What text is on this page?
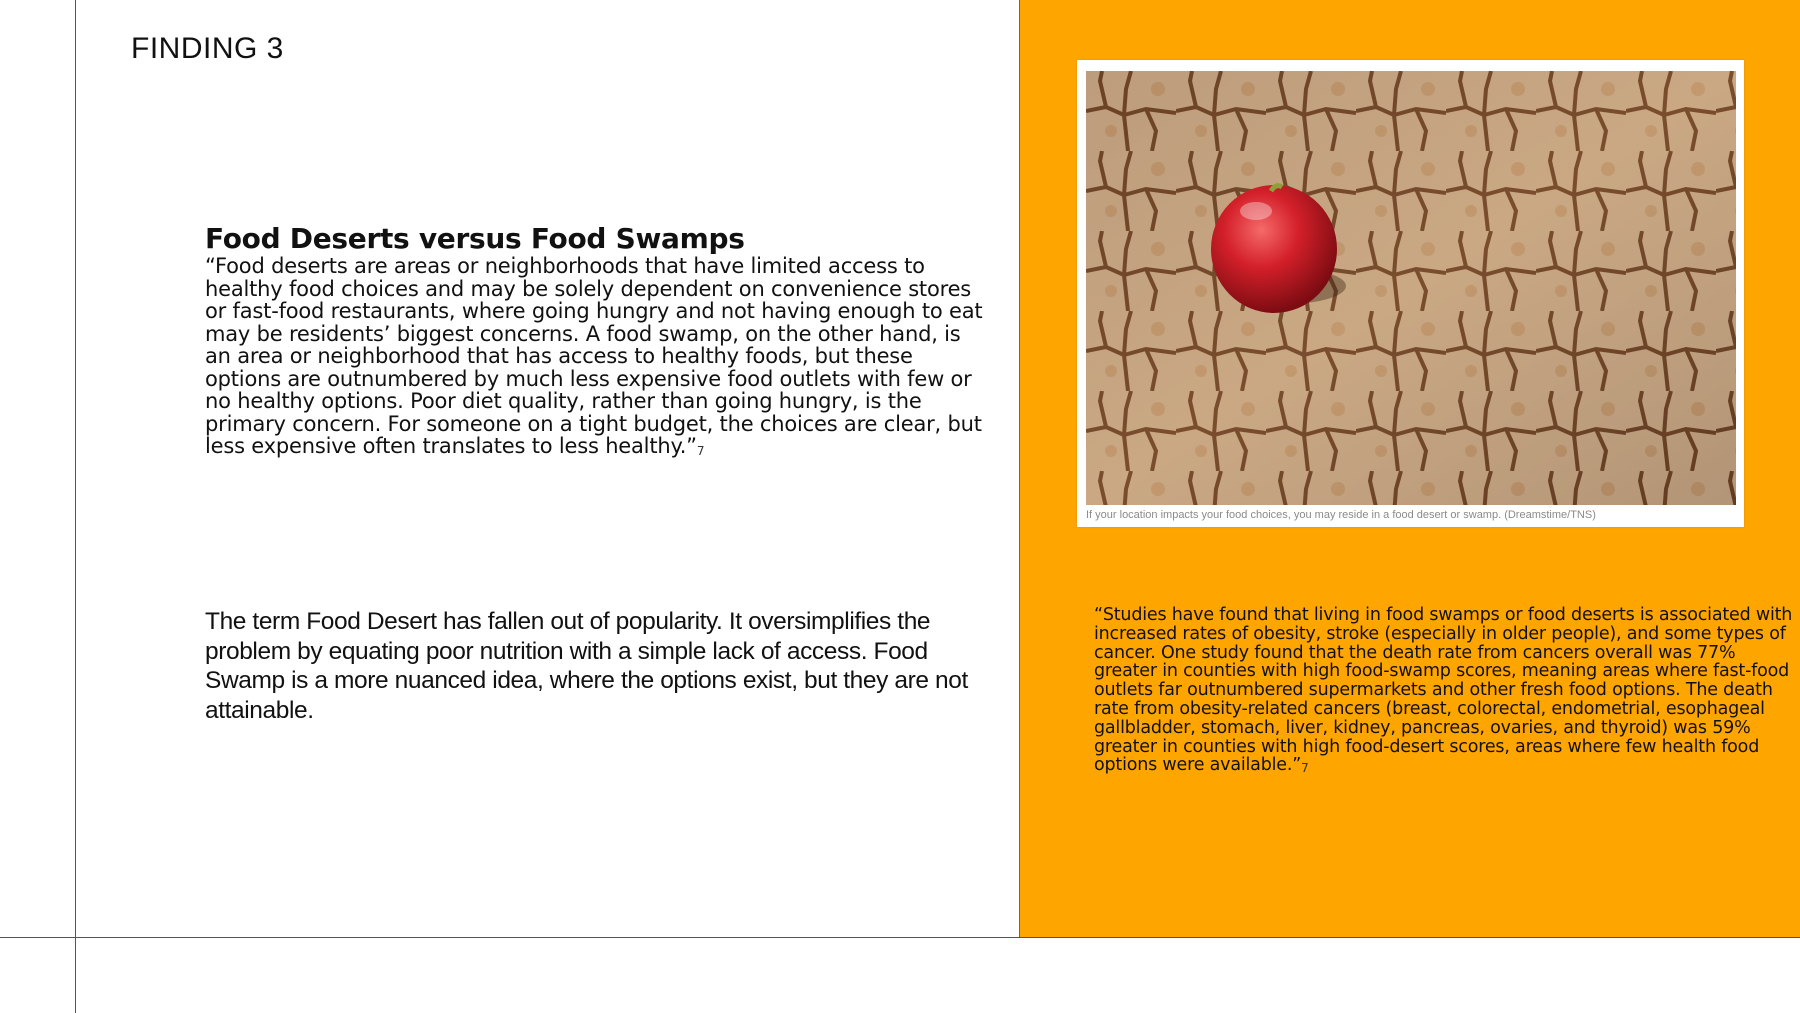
FINDING 3
Food Deserts versus Food Swamps
“Food deserts are areas or neighborhoods that have limited access to healthy food choices and may be solely dependent on convenience stores or fast-food restaurants, where going hungry and not having enough to eat may be residents’ biggest concerns. A food swamp, on the other hand, is an area or neighborhood that has access to healthy foods, but these options are outnumbered by much less expensive food outlets with few or no healthy options. Poor diet quality, rather than going hungry, is the primary concern. For someone on a tight budget, the choices are clear, but less expensive often translates to less healthy.”7
The term Food Desert has fallen out of popularity. It oversimplifies the problem by equating poor nutrition with a simple lack of access. Food Swamp is a more nuanced idea, where the options exist, but they are not attainable.
If your location impacts your food choices, you may reside in a food desert or swamp. (Dreamstime/TNS)
“Studies have found that living in food swamps or food deserts is associated with
increased rates of obesity, stroke (especially in older people), and some types of
cancer. One study found that the death rate from cancers overall was 77%
greater in counties with high food-swamp scores, meaning areas where fast-food
outlets far outnumbered supermarkets and other fresh food options. The death
rate from obesity-related cancers (breast, colorectal, endometrial, esophageal
gallbladder, stomach, liver, kidney, pancreas, ovaries, and thyroid) was 59%
greater in counties with high food-desert scores, areas where few health food
options were available.”7
